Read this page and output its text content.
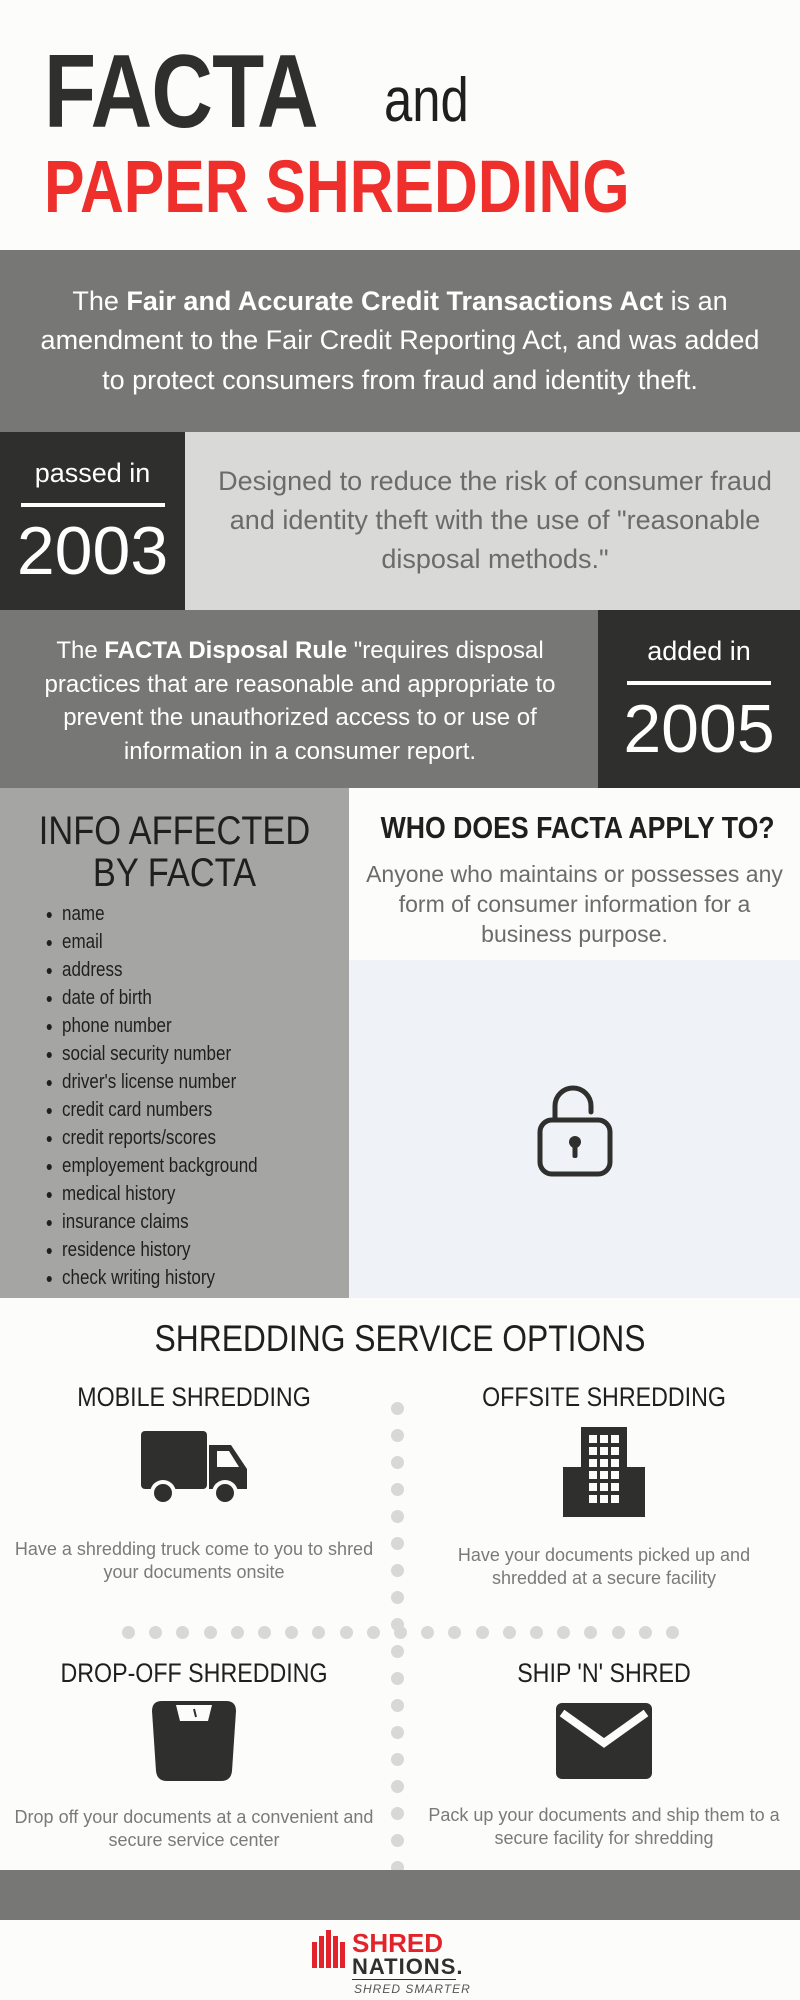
FACTA and
PAPER SHREDDING

The Fair and Accurate Credit Transactions Act is an amendment to the Fair Credit Reporting Act, and was added to protect consumers from fraud and identity theft.

passed in
2003
Designed to reduce the risk of consumer fraud and identity theft with the use of "reasonable disposal methods."
The FACTA Disposal Rule "requires disposal practices that are reasonable and appropriate to prevent the unauthorized access to or use of information in a consumer report.
added in
2005
INFO AFFECTED BY FACTA
• name
• email
• address
• date of birth
• phone number
• social security number
• driver's license number
• credit card numbers
• credit reports/scores
• employement background
• medical history
• insurance claims
• residence history
• check writing history
WHO DOES FACTA APPLY TO?

Anyone who maintains or possesses any form of consumer information for a business purpose.

SHREDDING SERVICE OPTIONS
MOBILE SHREDDING

Have a shredding truck come to you to shred your documents onsite

OFFSITE SHREDDING

Have your documents picked up and shredded at a secure facility

DROP-OFF SHREDDING

Drop off your documents at a convenient and secure service center

SHIP 'N' SHRED

Pack up your documents and ship them to a secure facility for shredding

SHRED
NATIONS.
SHRED SMARTER
